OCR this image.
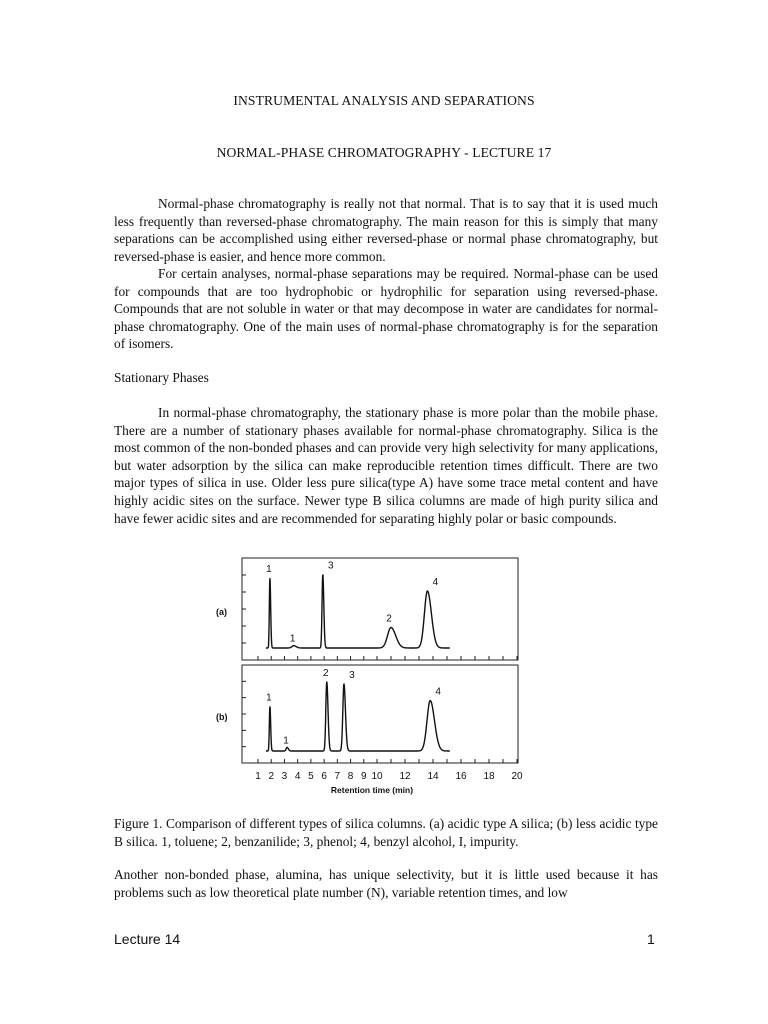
INSTRUMENTAL ANALYSIS AND SEPARATIONS
NORMAL-PHASE CHROMATOGRAPHY - LECTURE 17
Normal-phase chromatography is really not that normal. That is to say that it is used much less frequently than reversed-phase chromatography. The main reason for this is simply that many separations can be accomplished using either reversed-phase or normal phase chromatography, but reversed-phase is easier, and hence more common.
For certain analyses, normal-phase separations may be required. Normal-phase can be used for compounds that are too hydrophobic or hydrophilic for separation using reversed-phase. Compounds that are not soluble in water or that may decompose in water are candidates for normal-phase chromatography. One of the main uses of normal-phase chromatography is for the separation of isomers.
Stationary Phases
In normal-phase chromatography, the stationary phase is more polar than the mobile phase. There are a number of stationary phases available for normal-phase chromatography. Silica is the most common of the non-bonded phases and can provide very high selectivity for many applications, but water adsorption by the silica can make reproducible retention times difficult. There are two major types of silica in use. Older less pure silica(type A) have some trace metal content and have highly acidic sites on the surface. Newer type B silica columns are made of high purity silica and have fewer acidic sites and are recommended for separating highly polar or basic compounds.
(a)
1
1
3
2
4
(b)
1
1
2 3
4
1 2 3 4 5 6 7 8 9 10 12 14 16 18 20
Retention time (min)
Figure 1. Comparison of different types of silica columns. (a) acidic type A silica; (b) less acidic type B silica. 1, toluene; 2, benzanilide; 3, phenol; 4, benzyl alcohol, I, impurity.
Another non-bonded phase, alumina, has unique selectivity, but it is little used because it has problems such as low theoretical plate number (N), variable retention times, and low
Lecture 14	1
